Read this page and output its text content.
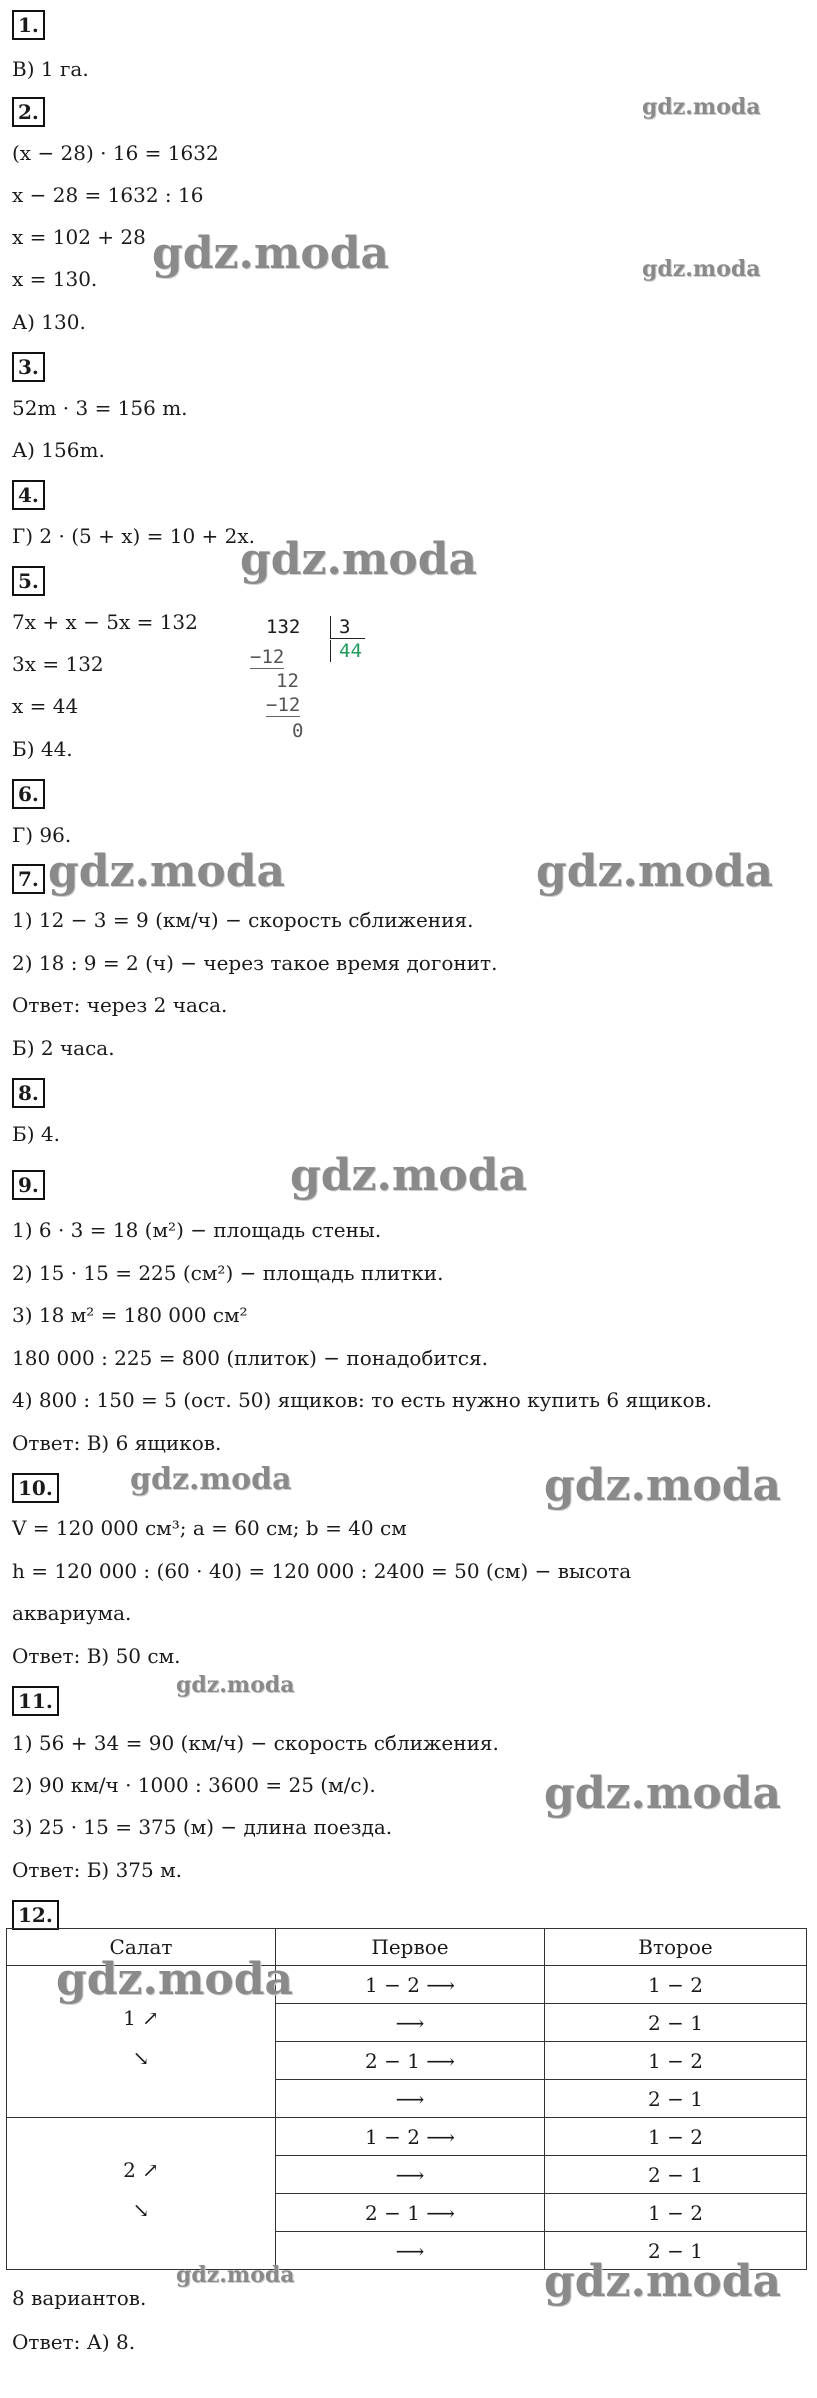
1.
В) 1 га.
2.
(x − 28) · 16 = 1632
x − 28 = 1632 : 16
x = 102 + 28
x = 130.
А) 130.
3.
52m · 3 = 156 m.
А) 156m.
4.
Г) 2 · (5 + x) = 10 + 2x.
5.
7x + x − 5x = 132
3x = 132
x = 44
Б) 44.
132	3
44
−12
12
−12
0
6.
Г) 96.
7.
1) 12 − 3 = 9 (км/ч) − скорость сближения.
2) 18 : 9 = 2 (ч) − через такое время догонит.
Ответ: через 2 часа.
Б) 2 часа.
8.
Б) 4.
9.
1) 6 · 3 = 18 (м²) − площадь стены.
2) 15 · 15 = 225 (см²) − площадь плитки.
3) 18 м² = 180 000 см²
180 000 : 225 = 800 (плиток) − понадобится.
4) 800 : 150 = 5 (ост. 50) ящиков: то есть нужно купить 6 ящиков.
Ответ: В) 6 ящиков.
10.
V = 120 000 см³; a = 60 см; b = 40 см
h = 120 000 : (60 · 40) = 120 000 : 2400 = 50 (см) − высота
аквариума.
Ответ: В) 50 см.
11.
1) 56 + 34 = 90 (км/ч) − скорость сближения.
2) 90 км/ч · 1000 : 3600 = 25 (м/с).
3) 25 · 15 = 375 (м) − длина поезда.
Ответ: Б) 375 м.
12.
Салат	Первое	Второе

1 ↗
↘	1 − 2 ⟶	1 − 2
	⟶	2 − 1
	2 − 1 ⟶	1 − 2
	⟶	2 − 1

2 ↗
↘	1 − 2 ⟶	1 − 2
	⟶	2 − 1
	2 − 1 ⟶	1 − 2
	⟶	2 − 1
8 вариантов.
Ответ: А) 8.
gdz.moda
gdz.moda	gdz.moda
gdz.moda
gdz.moda	gdz.moda
gdz.moda
gdz.moda	gdz.moda
gdz.moda
gdz.moda
gdz.moda
gdz.moda	gdz.moda
